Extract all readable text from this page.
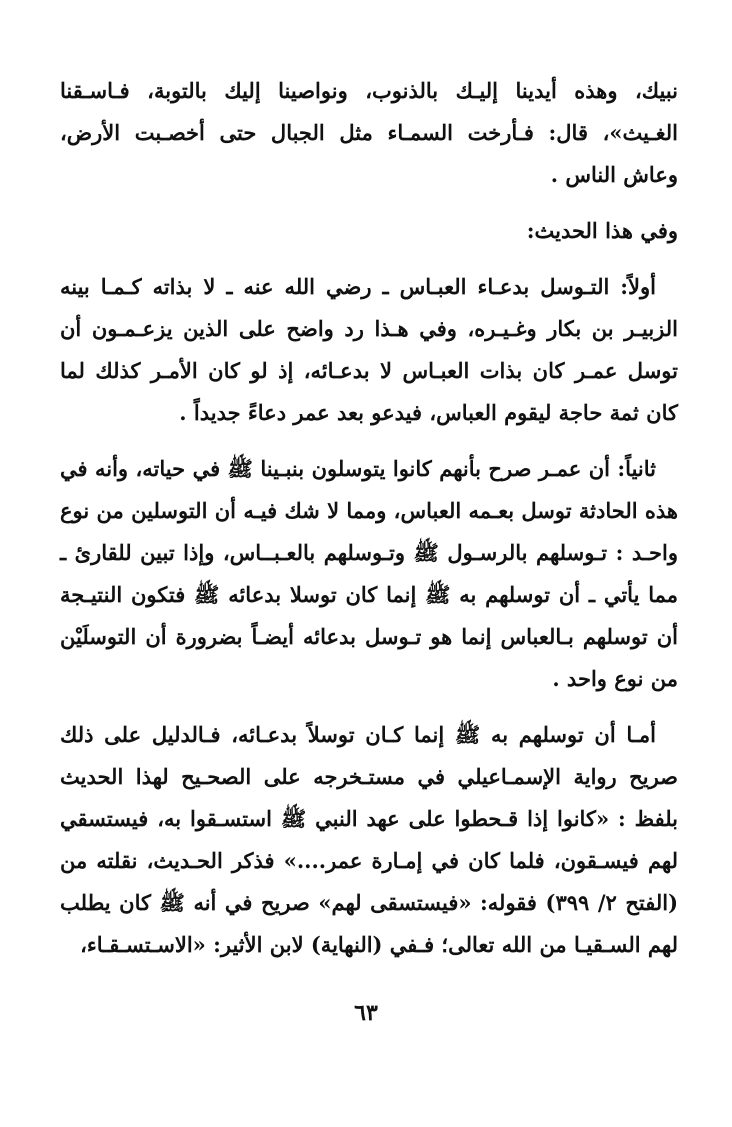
نبيك، وهذه أيدينا إليـك بالذنوب، ونواصينا إليك بالتوبة، فـاسـقنا الغـيث»، قال: فـأرخت السمـاء مثل الجبال حتى أخصـبت الأرض، وعاش الناس .

وفي هذا الحديث:

أولاً: التـوسل بدعـاء العبـاس ـ رضي الله عنه ـ لا بذاته كـمـا بينه الزبيـر بن بكار وغـيـره، وفي هـذا رد واضح على الذين يزعـمـون أن توسل عمـر كان بذات العبـاس لا بدعـائه، إذ لو كان الأمـر كذلك لما كان ثمة حاجة ليقوم العباس، فيدعو بعد عمر دعاءً جديداً .

ثانياً: أن عمـر صرح بأنهم كانوا يتوسلون بنبـينا ﷺ في حياته، وأنه في هذه الحادثة توسل بعـمه العباس، ومما لا شك فيـه أن التوسلين من نوع واحـد : تـوسلهم بالرسـول ﷺ وتـوسلهم بالعـبــاس، وإذا تبين للقارئ ـ مما يأتي ـ أن توسلهم به ﷺ إنما كان توسلا بدعائه ﷺ فتكون النتيـجة أن توسلهم بـالعباس إنما هو تـوسل بدعائه أيضـاً بضرورة أن التوسلَيْن من نوع واحد .

أمـا أن توسلهم به ﷺ إنما كـان توسلاً بدعـائه، فـالدليل على ذلك صريح رواية الإسمـاعيلي في مستـخرجه على الصحـيح لهذا الحديث بلفظ : «كانوا إذا قـحطوا على عهد النبي ﷺ استسـقوا به، فيستسقي لهم فيسـقون، فلما كان في إمـارة عمر....» فذكر الحـديث، نقلته من (الفتح ٢/ ٣٩٩) فقوله: «فيستسقى لهم» صريح في أنه ﷺ كان يطلب لهم السـقيـا من الله تعالى؛ فـفي (النهاية) لابن الأثير: «الاسـتسـقـاء،

٦٣
